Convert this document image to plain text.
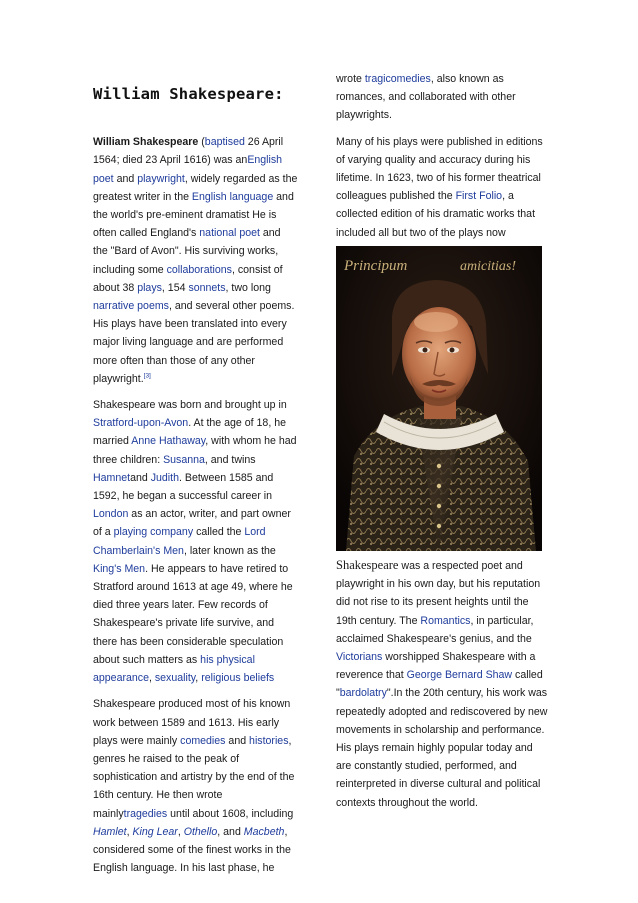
William Shakespeare:

William Shakespeare (baptised 26 April 1564; died 23 April 1616) was anEnglish poet and playwright, widely regarded as the greatest writer in the English language and the world's pre-eminent dramatist He is often called England's national poet and the "Bard of Avon". His surviving works, including some collaborations, consist of about 38 plays, 154 sonnets, two long narrative poems, and several other poems. His plays have been translated into every major living language and are performed more often than those of any other playwright.[3]

Shakespeare was born and brought up in Stratford-upon-Avon. At the age of 18, he married Anne Hathaway, with whom he had three children: Susanna, and twins Hamnetand Judith. Between 1585 and 1592, he began a successful career in London as an actor, writer, and part owner of a playing company called the Lord Chamberlain's Men, later known as the King's Men. He appears to have retired to Stratford around 1613 at age 49, where he died three years later. Few records of Shakespeare's private life survive, and there has been considerable speculation about such matters as his physical appearance, sexuality, religious beliefs

Shakespeare produced most of his known work between 1589 and 1613. His early plays were mainly comedies and histories, genres he raised to the peak of sophistication and artistry by the end of the 16th century. He then wrote mainlytragedies until about 1608, including Hamlet, King Lear, Othello, and Macbeth, considered some of the finest works in the English language. In his last phase, he

wrote tragicomedies, also known as romances, and collaborated with other playwrights.

Many of his plays were published in editions of varying quality and accuracy during his lifetime. In 1623, two of his former theatrical colleagues published the First Folio, a collected edition of his dramatic works that included all but two of the plays now

Principum	amicitias!

Shakespeare was a respected poet and playwright in his own day, but his reputation did not rise to its present heights until the 19th century. The Romantics, in particular, acclaimed Shakespeare's genius, and the Victorians worshipped Shakespeare with a reverence that George Bernard Shaw called "bardolatry".In the 20th century, his work was repeatedly adopted and rediscovered by new movements in scholarship and performance. His plays remain highly popular today and are constantly studied, performed, and reinterpreted in diverse cultural and political contexts throughout the world.
